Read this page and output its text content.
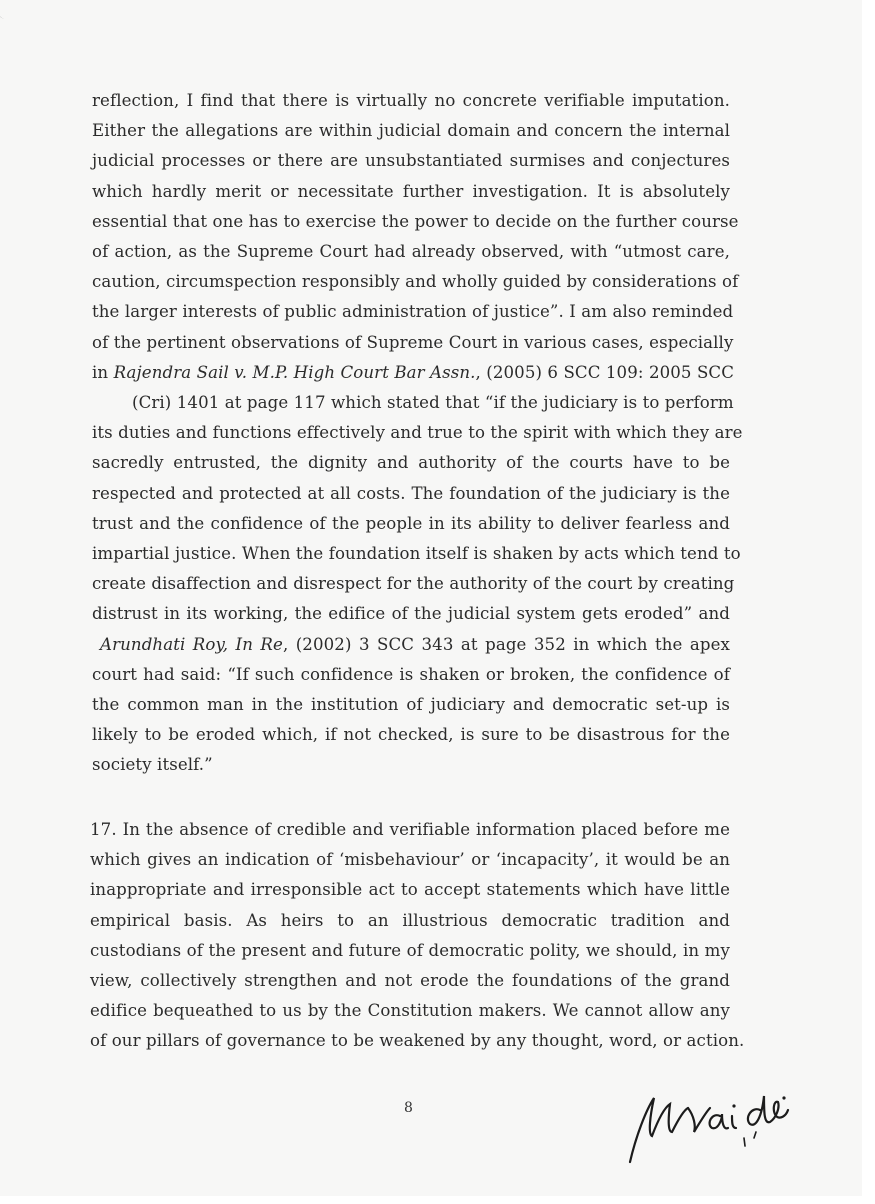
reflection, I find that there is virtually no concrete verifiable imputation.
Either the allegations are within judicial domain and concern the internal
judicial processes or there are unsubstantiated surmises and conjectures
which hardly merit or necessitate further investigation. It is absolutely
essential that one has to exercise the power to decide on the further course
of action, as the Supreme Court had already observed, with “utmost care,
caution, circumspection responsibly and wholly guided by considerations of
the larger interests of public administration of justice”. I am also reminded
of the pertinent observations of Supreme Court in various cases, especially
in Rajendra Sail v. M.P. High Court Bar Assn., (2005) 6 SCC 109: 2005 SCC
(Cri) 1401 at page 117 which stated that “if the judiciary is to perform
its duties and functions effectively and true to the spirit with which they are
sacredly entrusted, the dignity and authority of the courts have to be
respected and protected at all costs. The foundation of the judiciary is the
trust and the confidence of the people in its ability to deliver fearless and
impartial justice. When the foundation itself is shaken by acts which tend to
create disaffection and disrespect for the authority of the court by creating
distrust in its working, the edifice of the judicial system gets eroded” and
Arundhati Roy, In Re, (2002) 3 SCC 343 at page 352 in which the apex
court had said: “If such confidence is shaken or broken, the confidence of
the common man in the institution of judiciary and democratic set-up is
likely to be eroded which, if not checked, is sure to be disastrous for the
society itself.”

17. In the absence of credible and verifiable information placed before me
which gives an indication of ‘misbehaviour’ or ‘incapacity’, it would be an
inappropriate and irresponsible act to accept statements which have little
empirical basis. As heirs to an illustrious democratic tradition and
custodians of the present and future of democratic polity, we should, in my
view, collectively strengthen and not erode the foundations of the grand
edifice bequeathed to us by the Constitution makers. We cannot allow any
of our pillars of governance to be weakened by any thought, word, or action.

8
